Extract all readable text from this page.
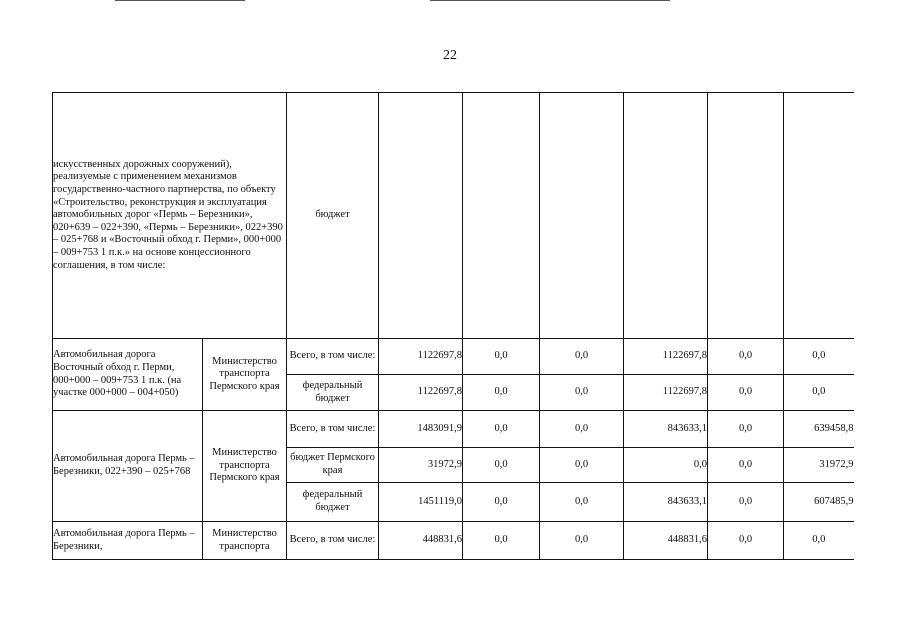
22
искусственных дорожных сооружений), реализуемые с применением механизмов государственно-частного партнерства, по объекту «Строительство, реконструкция и эксплуатация автомобильных дорог «Пермь – Березники», 020+639 – 022+390, «Пермь – Березники», 022+390 – 025+768 и «Восточный обход г. Перми», 000+000 – 009+753 1 п.к.» на основе концессионного соглашения, в том числе:		бюджет						
Автомобильная дорога Восточный обход г. Перми, 000+000 – 009+753 1 п.к. (на участке 000+000 – 004+050)	Министерство транспорта Пермского края	Всего, в том числе:	1122697,8	0,0	0,0	1122697,8	0,0	0,0
		федеральный бюджет	1122697,8	0,0	0,0	1122697,8	0,0	0,0
Автомобильная дорога Пермь – Березники, 022+390 – 025+768	Министерство транспорта Пермского края	Всего, в том числе:	1483091,9	0,0	0,0	843633,1	0,0	639458,8
		бюджет Пермского края	31972,9	0,0	0,0	0,0	0,0	31972,9
		федеральный бюджет	1451119,0	0,0	0,0	843633,1	0,0	607485,9
Автомобильная дорога Пермь – Березники,	Министерство транспорта	Всего, в том числе:	448831,6	0,0	0,0	448831,6	0,0	0,0
